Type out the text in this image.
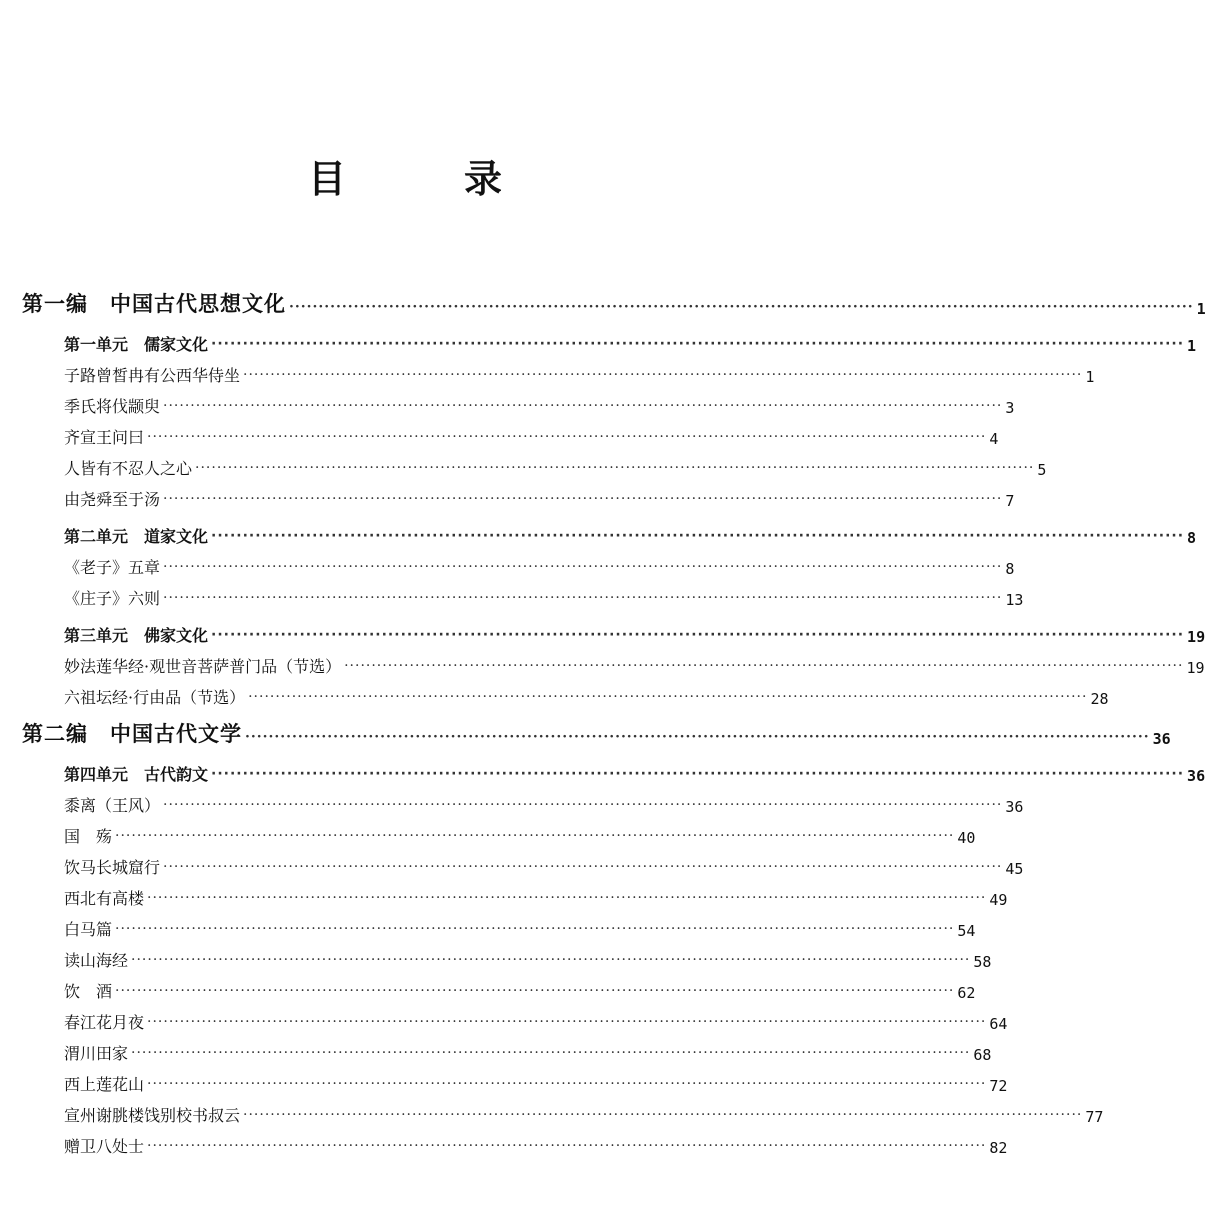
目　录
第一编　中国古代思想文化 ·························································································································································· 1
第一单元　儒家文化 ·························································································································································· 1
子路曾皙冉有公西华侍坐 ·························································································································································· 1
季氏将伐颛臾 ·························································································································································· 3
齐宣王问曰 ·························································································································································· 4
人皆有不忍人之心 ·························································································································································· 5
由尧舜至于汤 ·························································································································································· 7
第二单元　道家文化 ·························································································································································· 8
《老子》五章 ·························································································································································· 8
《庄子》六则 ·························································································································································· 13
第三单元　佛家文化 ·························································································································································· 19
妙法莲华经·观世音菩萨普门品（节选） ·························································································································································· 19
六祖坛经·行由品（节选） ·························································································································································· 28
第二编　中国古代文学 ·························································································································································· 36
第四单元　古代韵文 ·························································································································································· 36
黍离（王风） ·························································································································································· 36
国　殇 ·························································································································································· 40
饮马长城窟行 ·························································································································································· 45
西北有高楼 ·························································································································································· 49
白马篇 ·························································································································································· 54
读山海经 ·························································································································································· 58
饮　酒 ·························································································································································· 62
春江花月夜 ·························································································································································· 64
渭川田家 ·························································································································································· 68
西上莲花山 ·························································································································································· 72
宣州谢朓楼饯别校书叔云 ·························································································································································· 77
赠卫八处士 ·························································································································································· 82
